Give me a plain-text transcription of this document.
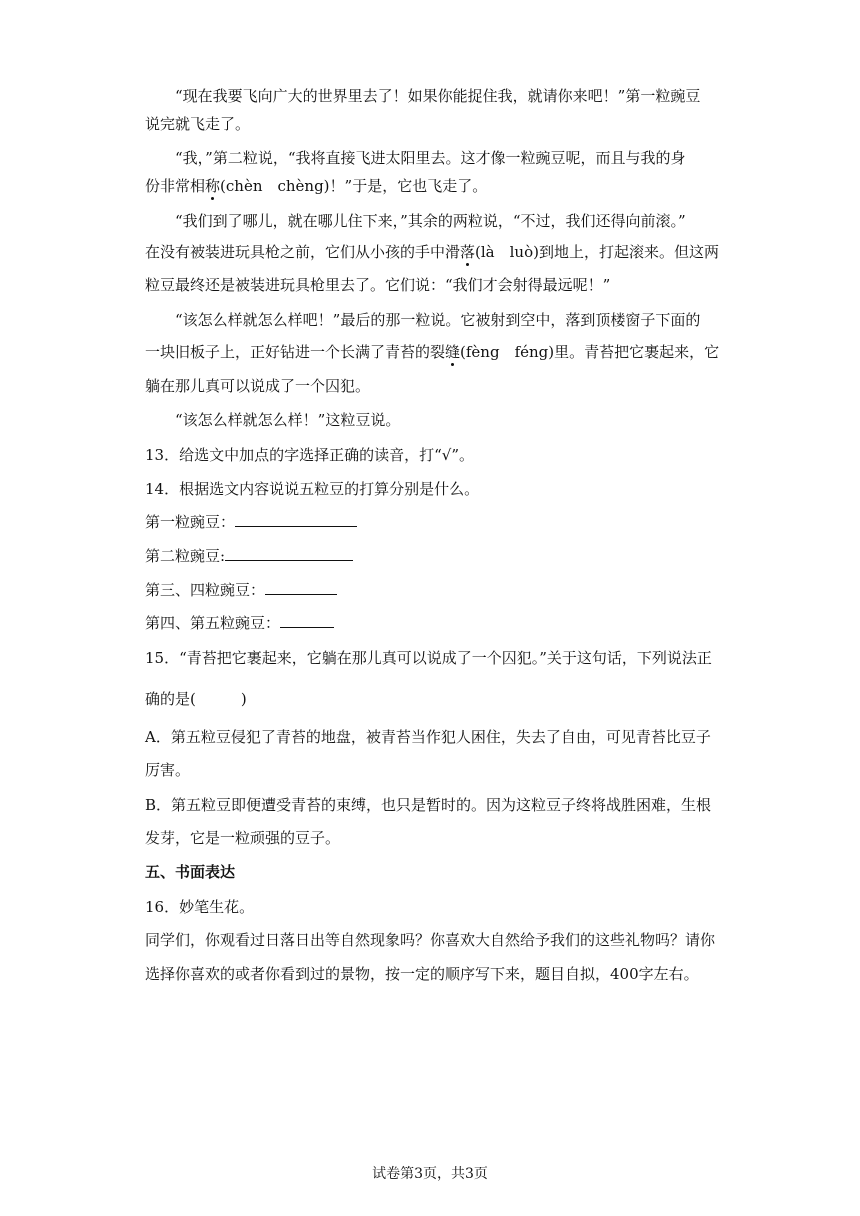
“现在我要飞向广大的世界里去了！如果你能捉住我，就请你来吧！”第一粒豌豆
说完就飞走了。
“我，”第二粒说，“我将直接飞进太阳里去。这才像一粒豌豆呢，而且与我的身
份非常相称(chèn　chèng)！”于是，它也飞走了。
“我们到了哪儿，就在哪儿住下来，”其余的两粒说，“不过，我们还得向前滚。”
在没有被装进玩具枪之前，它们从小孩的手中滑落(là　luò)到地上，打起滚来。但这两
粒豆最终还是被装进玩具枪里去了。它们说：“我们才会射得最远呢！”
“该怎么样就怎么样吧！”最后的那一粒说。它被射到空中，落到顶楼窗子下面的
一块旧板子上，正好钻进一个长满了青苔的裂缝(fèng　féng)里。青苔把它裹起来，它
躺在那儿真可以说成了一个囚犯。
“该怎么样就怎么样！”这粒豆说。
13．给选文中加点的字选择正确的读音，打“√”。
14．根据选文内容说说五粒豆的打算分别是什么。
第一粒豌豆：
第二粒豌豆:
第三、四粒豌豆：
第四、第五粒豌豆：
15．“青苔把它裹起来，它躺在那儿真可以说成了一个囚犯。”关于这句话，下列说法正
确的是(　　　)
A．第五粒豆侵犯了青苔的地盘，被青苔当作犯人困住，失去了自由，可见青苔比豆子
厉害。
B．第五粒豆即便遭受青苔的束缚，也只是暂时的。因为这粒豆子终将战胜困难，生根
发芽，它是一粒顽强的豆子。
五、书面表达
16．妙笔生花。
同学们，你观看过日落日出等自然现象吗？你喜欢大自然给予我们的这些礼物吗？请你
选择你喜欢的或者你看到过的景物，按一定的顺序写下来，题目自拟，400字左右。
试卷第3页，共3页
